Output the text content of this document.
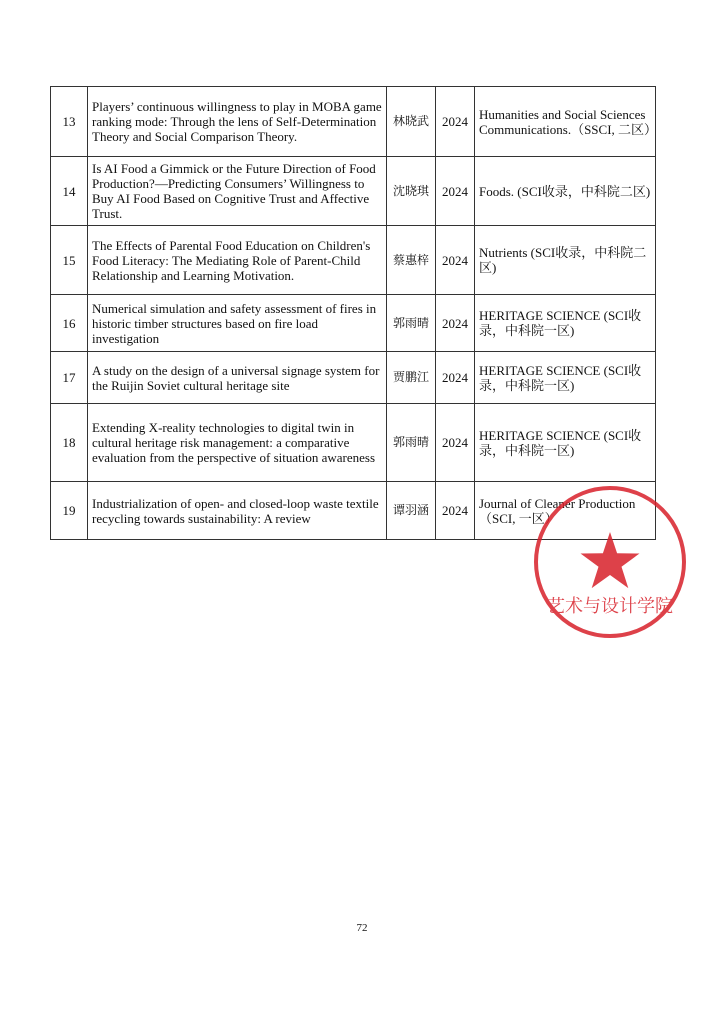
13	Players’ continuous willingness to play in MOBA game ranking mode: Through the lens of Self-Determination Theory and Social Comparison Theory.	林晓武	2024	Humanities and Social Sciences Communications.（SSCI, 二区）
14	Is AI Food a Gimmick or the Future Direction of Food Production?—Predicting Consumers’ Willingness to Buy AI Food Based on Cognitive Trust and Affective Trust.	沈晓琪	2024	Foods. (SCI收录，中科院二区)
15	The Effects of Parental Food Education on Children's Food Literacy: The Mediating Role of Parent-Child Relationship and Learning Motivation.	蔡惠梓	2024	Nutrients (SCI收录，中科院二区)
16	Numerical simulation and safety assessment of fires in historic timber structures based on fire load investigation	郭雨晴	2024	HERITAGE SCIENCE (SCI收录，中科院一区)
17	A study on the design of a universal signage system for the Ruijin Soviet cultural heritage site	贾鹏江	2024	HERITAGE SCIENCE (SCI收录，中科院一区)
18	Extending X-reality technologies to digital twin in cultural heritage risk management: a comparative evaluation from the perspective of situation awareness	郭雨晴	2024	HERITAGE SCIENCE (SCI收录，中科院一区)
19	Industrialization of open- and closed-loop waste textile recycling towards sustainability: A review	谭羽涵	2024	Journal of Cleaner Production（SCI, 一区）
艺术与设计学院
72
